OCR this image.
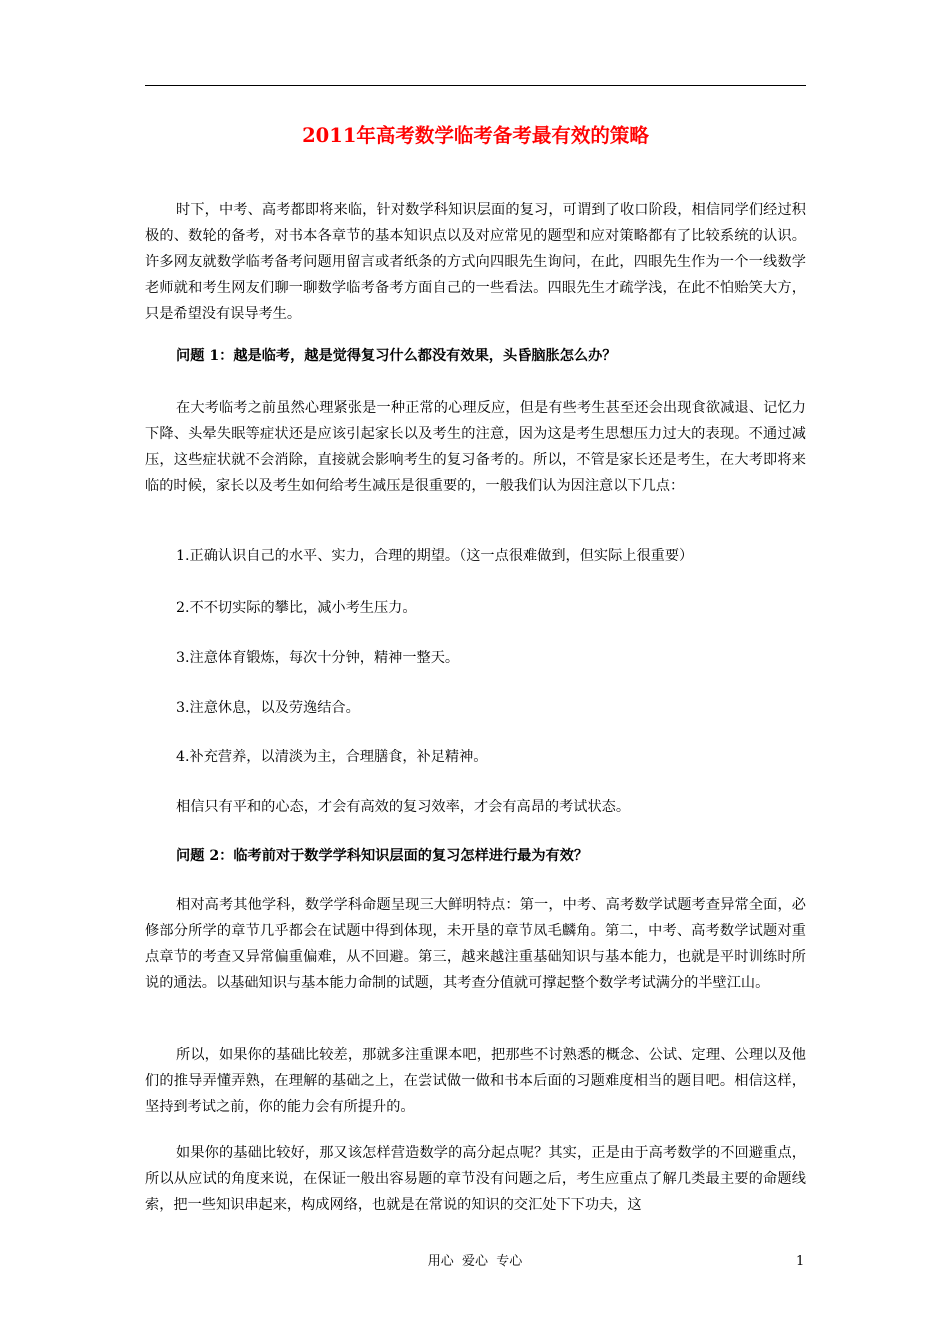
2011年高考数学临考备考最有效的策略

时下，中考、高考都即将来临，针对数学科知识层面的复习，可谓到了收口阶段，相信同学们经过积极的、数轮的备考，对书本各章节的基本知识点以及对应常见的题型和应对策略都有了比较系统的认识。许多网友就数学临考备考问题用留言或者纸条的方式向四眼先生询问，在此，四眼先生作为一个一线数学老师就和考生网友们聊一聊数学临考备考方面自己的一些看法。四眼先生才疏学浅，在此不怕贻笑大方，只是希望没有误导考生。

问题 1：越是临考，越是觉得复习什么都没有效果，头昏脑胀怎么办？

在大考临考之前虽然心理紧张是一种正常的心理反应，但是有些考生甚至还会出现食欲减退、记忆力下降、头晕失眠等症状还是应该引起家长以及考生的注意，因为这是考生思想压力过大的表现。不通过减压，这些症状就不会消除，直接就会影响考生的复习备考的。所以，不管是家长还是考生，在大考即将来临的时候，家长以及考生如何给考生减压是很重要的，一般我们认为因注意以下几点：

1.正确认识自己的水平、实力，合理的期望。（这一点很难做到，但实际上很重要）

2.不不切实际的攀比，减小考生压力。

3.注意体育锻炼，每次十分钟，精神一整天。

3.注意休息，以及劳逸结合。

4.补充营养，以清淡为主，合理膳食，补足精神。

相信只有平和的心态，才会有高效的复习效率，才会有高昂的考试状态。

问题 2：临考前对于数学学科知识层面的复习怎样进行最为有效？

相对高考其他学科，数学学科命题呈现三大鲜明特点：第一，中考、高考数学试题考查异常全面，必修部分所学的章节几乎都会在试题中得到体现，未开垦的章节凤毛麟角。第二，中考、高考数学试题对重点章节的考查又异常偏重偏难，从不回避。第三，越来越注重基础知识与基本能力，也就是平时训练时所说的通法。以基础知识与基本能力命制的试题，其考查分值就可撑起整个数学考试满分的半壁江山。

所以，如果你的基础比较差，那就多注重课本吧，把那些不讨熟悉的概念、公试、定理、公理以及他们的推导弄懂弄熟，在理解的基础之上，在尝试做一做和书本后面的习题难度相当的题目吧。相信这样，坚持到考试之前，你的能力会有所提升的。

如果你的基础比较好，那又该怎样营造数学的高分起点呢？其实，正是由于高考数学的不回避重点，所以从应试的角度来说，在保证一般出容易题的章节没有问题之后，考生应重点了解几类最主要的命题线索，把一些知识串起来，构成网络，也就是在常说的知识的交汇处下下功夫，这

用心  爱心  专心	1
